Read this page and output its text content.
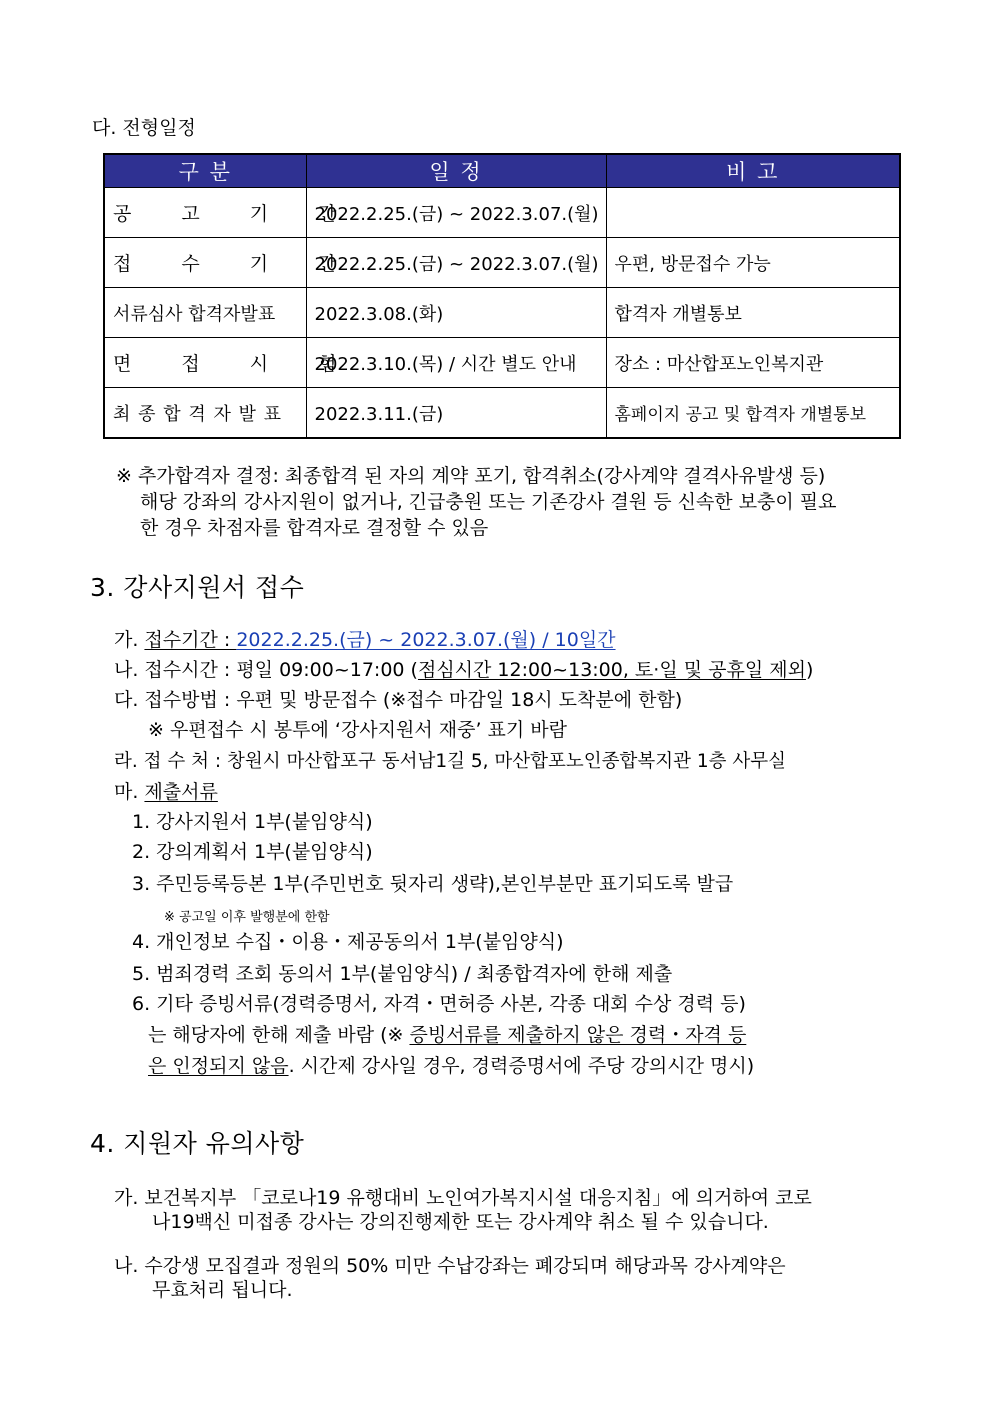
다. 전형일정
구 분	일 정	비 고
공 고 기 간	2022.2.25.(금) ~ 2022.3.07.(월)	
접 수 기 간	2022.2.25.(금) ~ 2022.3.07.(월)	우편, 방문접수 가능
서류심사 합격자발표	2022.3.08.(화)	합격자 개별통보
면 접 시 험	2022.3.10.(목) / 시간 별도 안내	장소 : 마산합포노인복지관
최 종 합 격 자 발 표	2022.3.11.(금)	홈페이지 공고 및 합격자 개별통보
※ 추가합격자 결정: 최종합격 된 자의 계약 포기, 합격취소(강사계약 결격사유발생 등)
해당 강좌의 강사지원이 없거나, 긴급충원 또는 기존강사 결원 등 신속한 보충이 필요
한 경우 차점자를 합격자로 결정할 수 있음
3. 강사지원서 접수
가. 접수기간 : 2022.2.25.(금) ~ 2022.3.07.(월) / 10일간
나. 접수시간 : 평일 09:00~17:00 (점심시간 12:00~13:00, 토·일 및 공휴일 제외)
다. 접수방법 : 우편 및 방문접수 (※접수 마감일 18시 도착분에 한함)
※ 우편접수 시 봉투에 ‘강사지원서 재중’ 표기 바람
라. 접 수 처 : 창원시 마산합포구 동서남1길 5, 마산합포노인종합복지관 1층 사무실
마. 제출서류
1. 강사지원서 1부(붙임양식)
2. 강의계획서 1부(붙임양식)
3. 주민등록등본 1부(주민번호 뒷자리 생략),본인부분만 표기되도록 발급
※ 공고일 이후 발행분에 한함
4. 개인정보 수집・이용・제공동의서 1부(붙임양식)
5. 범죄경력 조회 동의서 1부(붙임양식) / 최종합격자에 한해 제출
6. 기타 증빙서류(경력증명서, 자격・면허증 사본, 각종 대회 수상 경력 등)
는 해당자에 한해 제출 바람 (※ 증빙서류를 제출하지 않은 경력・자격 등
은 인정되지 않음. 시간제 강사일 경우, 경력증명서에 주당 강의시간 명시)
4. 지원자 유의사항
가. 보건복지부 「코로나19 유행대비 노인여가복지시설 대응지침」에 의거하여 코로
나19백신 미접종 강사는 강의진행제한 또는 강사계약 취소 될 수 있습니다.
나. 수강생 모집결과 정원의 50% 미만 수납강좌는 폐강되며 해당과목 강사계약은
무효처리 됩니다.
